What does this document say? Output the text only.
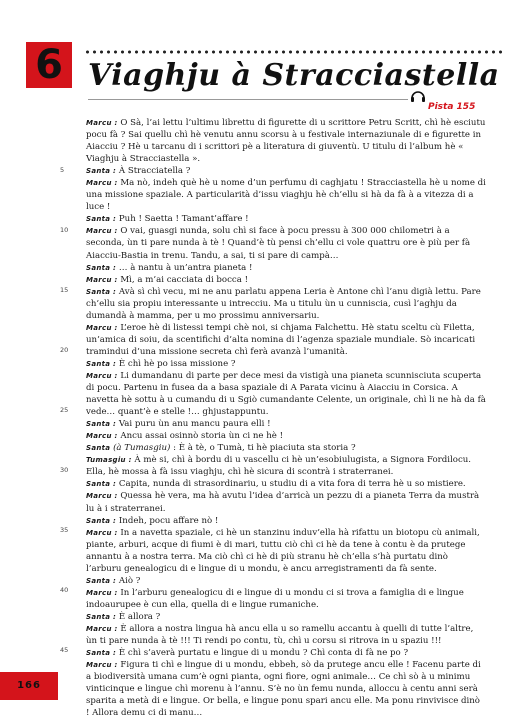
6 Viaghju à Stracciastella
Pista 155
5
10
15
20
25
30
35
40
45

Marcu : O Sà, l’ai lettu l’ultimu librettu di figurette di u scrittore Petru Scritt, chì hè esciutu pocu fà ? Sai quellu chì hè venutu annu scorsu à u festivale internaziunale di e figurette in Aiacciu ? Hè u tarcanu di i scrittori pè a literatura di giuventù. U titulu di l’album hè « Viaghju à Stracciastella ».

Santa : À Stracciatella ?

Marcu : Ma nò, indeh què hè u nome d’un perfumu di caghjatu ! Stracciastella hè u nome di una missione spaziale. A particularità d’issu viaghju hè ch’ellu si hà da fà à a vitezza di a luce !

Santa : Puh ! Saetta ! Tamant’affare !

Marcu : O vai, guasgi nunda, solu chì si face à pocu pressu à 300 000 chilometri à a seconda, ùn ti pare nunda à tè ! Quand’è tù pensi ch’ellu ci vole quattru ore è più per fà Aiacciu-Bastia in trenu. Tandu, a sai, ti si pare di campà…

Santa : … à nantu à un’antra pianeta !

Marcu : Mì, a m’ai cacciata di bocca !

Santa : Avà sì chì vecu, mi ne anu parlatu appena Leria è Antone chì l’anu digià lettu. Pare ch’ellu sia propiu interessante u intrecciu. Ma u titulu ùn u cunniscia, cusì l’aghju da dumandà à mamma, per u mo prossimu anniversariu.

Marcu : L’eroe hè di listessi tempi chè noi, si chjama Falchettu. Hè statu sceltu cù Filetta, un’amica di soiu, da scentifichi d’alta nomina di l’agenza spaziale mundiale. Sò incaricati tramindui d’una missione secreta chì ferà avanzà l’umanità.

Santa : È chì hè po issa missione ?

Marcu : Li dumandanu di parte per dece mesi da vistigà una pianeta scunnisciuta scuperta di pocu. Partenu in fusea da a basa spaziale di A Parata vicinu à Aiacciu in Corsica. A navetta hè sottu à u cumandu di u Sgiò cumandante Celente, un originale, chì li ne hà da fà vede… quant’è e stelle !… ghjustappuntu.

Santa : Vai puru ùn anu mancu paura elli !

Marcu : Ancu assai osinnò storia ùn ci ne hè !

Santa (à Tumasgiu) : È à tè, o Tumà, ti hè piaciuta sta storia ?

Tumasgiu : À mè si, chì à bordu di u vascellu ci hè un’esobiulugista, a Signora Fordilocu. Ella, hè mossa à fà issu viaghju, chì hè sicura di scontrà i straterranei.

Santa : Capita, nunda di strasordinariu, u studiu di a vita fora di terra hè u so mistiere.

Marcu : Quessa hè vera, ma hà avutu l’idea d’arricà un pezzu di a pianeta Terra da mustrà lu à i straterranei.

Santa : Indeh, pocu affare nò !

Marcu : In a navetta spaziale, ci hè un stanzinu induv’ella hà rifattu un biotopu cù animali, piante, arburi, acque di fiumi è di mari, tuttu ciò chì ci hè da tene à contu è da prutege annantu à a nostra terra. Ma ciò chì ci hè di più stranu hè ch’ella s’hà purtatu dinò l’arburu genealogicu di e lingue di u mondu, è ancu arregistramenti da fà sente.

Santa : Aiò ?

Marcu : In l’arburu genealogicu di e lingue di u mondu ci si trova a famiglia di e lingue indoaurupee è cun ella, quella di e lingue rumaniche.

Santa : È allora ?

Marcu : È allora a nostra lingua hà ancu ella u so ramellu accantu à quelli di tutte l’altre, ùn ti pare nunda à tè !!! Ti rendi po contu, tù, chì u corsu si ritrova in u spaziu !!!

Santa : È chì s’averà purtatu e lingue di u mondu ? Chì conta di fà ne po ?

Marcu : Figura ti chì e lingue di u mondu, ebbeh, sò da prutege ancu elle ! Facenu parte di a biodiversità umana cum’è ogni pianta, ogni fiore, ogni animale… Ce chì sò à u minimu vinticinque e lingue chì morenu à l’annu. S’è no ùn femu nunda, alloccu à centu anni serà sparita a metà di e lingue. Or bella, e lingue ponu spari ancu elle. Ma ponu rinvivisce dinò ! Allora demu ci di manu…

166
